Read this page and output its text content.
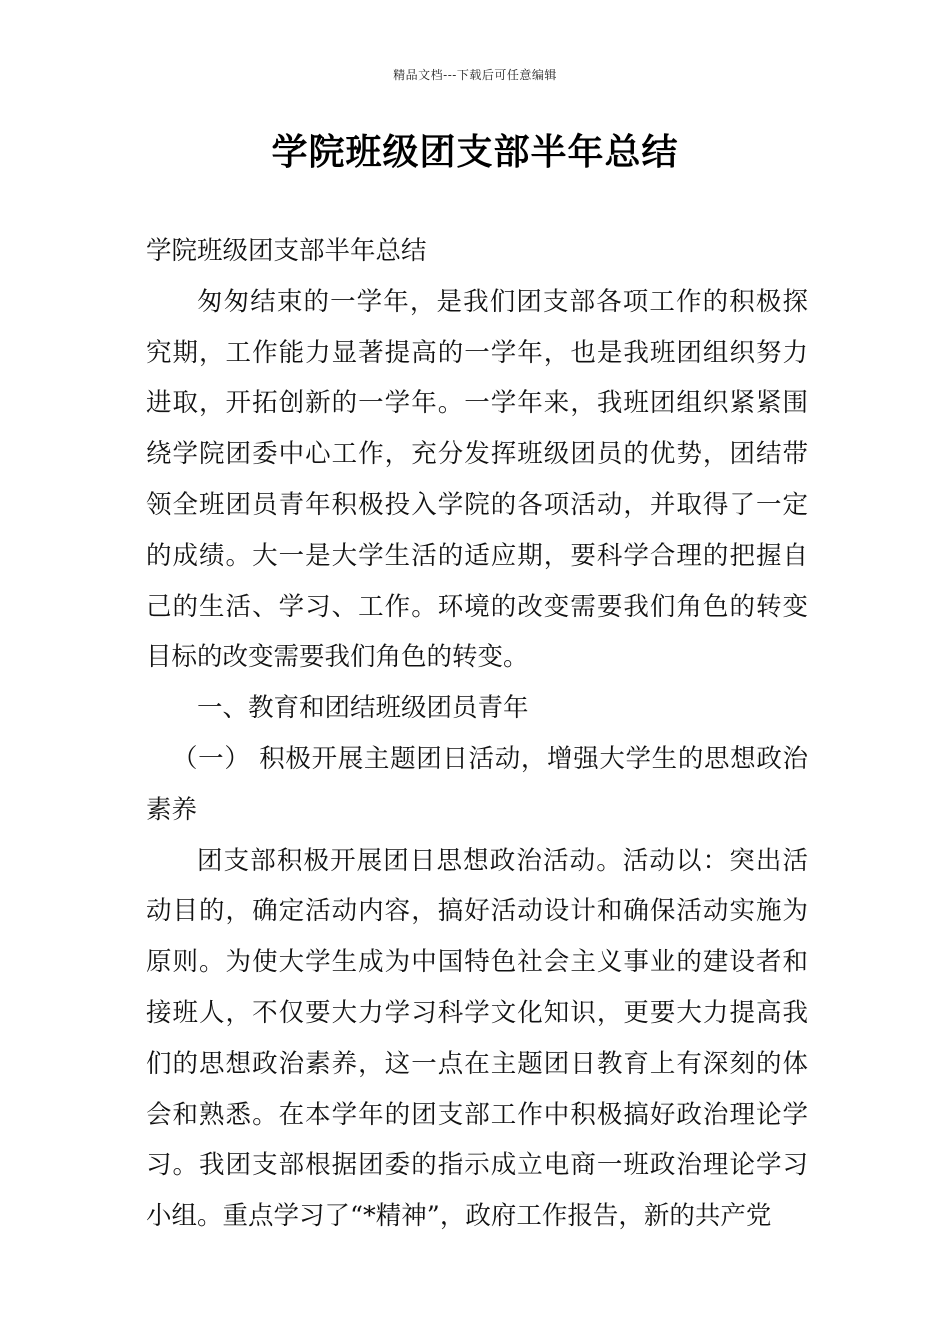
精品文档---下载后可任意编辑
学院班级团支部半年总结

学院班级团支部半年总结

匆匆结束的一学年，是我们团支部各项工作的积极探究期，工作能力显著提高的一学年，也是我班团组织努力进取，开拓创新的一学年。一学年来，我班团组织紧紧围绕学院团委中心工作，充分发挥班级团员的优势，团结带领全班团员青年积极投入学院的各项活动，并取得了一定的成绩。大一是大学生活的适应期，要科学合理的把握自己的生活、学习、工作。环境的改变需要我们角色的转变目标的改变需要我们角色的转变。

一、教育和团结班级团员青年

（一） 积极开展主题团日活动，增强大学生的思想政治素养

团支部积极开展团日思想政治活动。活动以：突出活动目的，确定活动内容，搞好活动设计和确保活动实施为原则。为使大学生成为中国特色社会主义事业的建设者和接班人，不仅要大力学习科学文化知识，更要大力提高我们的思想政治素养，这一点在主题团日教育上有深刻的体会和熟悉。在本学年的团支部工作中积极搞好政治理论学习。我团支部根据团委的指示成立电商一班政治理论学习小组。重点学习了“*精神”，政府工作报告，新的共产党
